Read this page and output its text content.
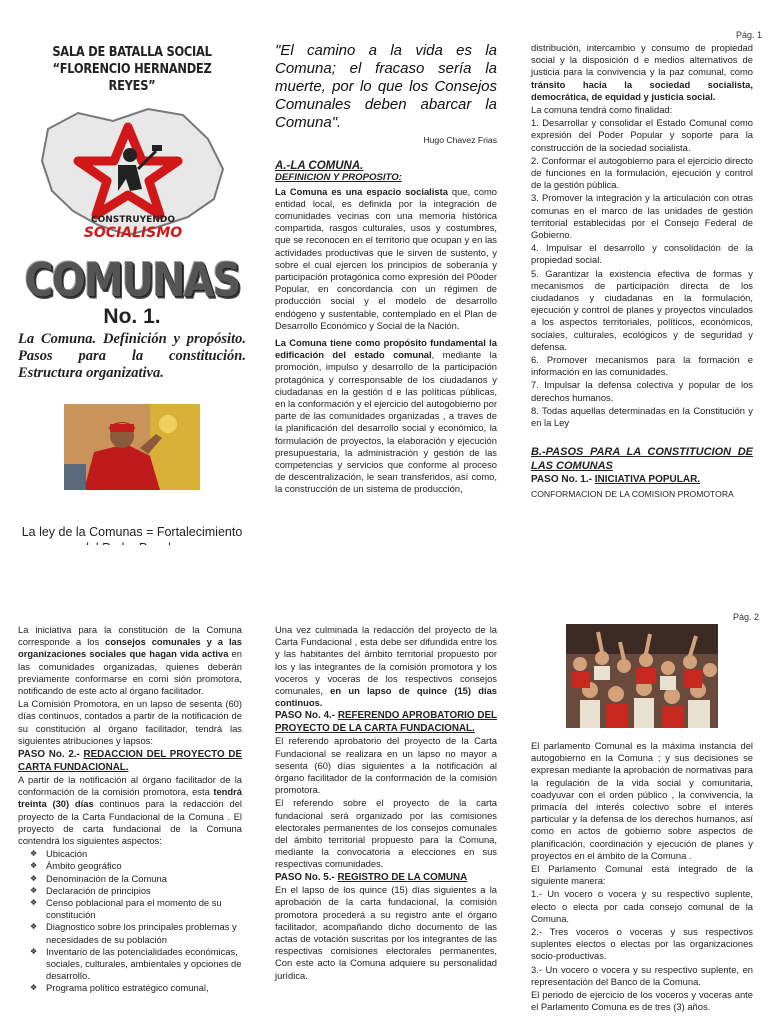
Pág. 1
SALA DE BATALLA SOCIAL
“FLORENCIO HERNANDEZ REYES”
CONSTRUYENDO
SOCIALISMO
COMUNAS
No. 1.
La Comuna. Definición y propósito. Pasos para la constitución. Estructura organizativa.
La ley de la Comunas = Fortalecimiento
"El camino a la vida es la Comuna; el fracaso sería la muerte, por lo que los Consejos Comunales deben abarcar la Comuna".
Hugo Chavez Frias
A.-LA COMUNA.
DEFINICION Y PROPOSITO:

La Comuna es una espacio socialista que, como entidad local, es definida por la integración de comunidades vecinas con una memoria histórica compartida, rasgos culturales, usos y costumbres, que se reconocen en el territorio que ocupan y en las actividades productivas que le sirven de sustento, y sobre el cual ejercen los principios de soberanía y participación protagónica como expresión del P0oder Popular, en concordancia con un régimen de producción social y el modelo de desarrollo endógeno y sustentable, contemplado en el Plan de Desarrollo Económico y Social de la Nación.

La Comuna tiene como propósito fundamental la edificación del estado comunal, mediante la promoción, impulso y desarrollo de la participación protagónica y corresponsable de los ciudadanos y ciudadanas en la gestión d e las políticas públicas, en la conformación y el ejercicio del autogobierno por parte de las comunidades organizadas , a traves de la planificación del desarrollo social y económico, la formulación de proyectos, la elaboración y ejecución presupuestaria, la administración y gestión de las competencias y servicios que conforme al proceso de descentralización, le sean transferidos, así como, la construcción de un sistema de producción,

distribución, intercambio y consumo de propiedad social y la disposición d e medios alternativos de justicia para la convivencia y la paz comunal, como tránsito hacia la sociedad socialista, democrática, de equidad y justicia social.

La comuna tendrá como finalidad:

1. Desarrollar y consolidar el Estado Comunal como expresión del Poder Popular y soporte para la construcción de la sociedad socialista.

2. Conformar el autogobierno para el ejercicio directo de funciones en la formulación, ejecución y control de la gestión pública.

3. Promover la integración y la articulación con otras comunas en el marco de las unidades de gestión territorial establecidas por el Consejo Federal de Gobierno.

4. Impulsar el desarrollo y consolidación de la propiedad social.

5. Garantizar la existencia efectiva de formas y mecanismos de participación directa de los ciudadanos y ciudadanas en la formulación, ejecución y control de planes y proyectos vinculados a los aspectos territoriales, políticos, económicos, sociales, culturales, ecológicos y de seguridad y defensa.

6. Promover mecanismos para la formación e información en las comunidades.

7. Impulsar la defensa colectiva y popular de los derechos humanos.

8. Todas aquellas determinadas en la Constitución y en la Ley

B.-PASOS PARA LA CONSTITUCION DE LAS COMUNAS
PASO No. 1.- INICIATIVA POPULAR.
CONFORMACION DE LA COMISION PROMOTORA
Pág. 2

La iniciativa para la constitución de la Comuna corresponde a los consejos comunales y a las organizaciones sociales que hagan vida activa en las comunidades organizadas, quienes deberán previamente conformarse en comi sión promotora, notificando de este acto al órgano facilitador.

La Comisión Promotora, en un lapso de sesenta (60) días continuos, contados a partir de la notificación de su constitución al órgano facilitador, tendrá las siguientes atribuciones y lapsos:

PASO No. 2.- REDACCION DEL PROYECTO DE CARTA FUNDACIONAL.

A partir de la notificación al órgano facilitador de la conformación de la comisión promotora, esta tendrá treinta (30) días continuos para la redacción del proyecto de la Carta Fundacional de la Comuna . El proyecto de carta fundacional de la Comuna contendrá los siguientes aspectos:

❖ Ubicación
❖ Ámbito geográfico
❖ Denominación de la Comuna
❖ Declaración de principios
❖ Censo poblacional para el momento de su constitución
❖ Diagnostico sobre los principales problemas y necesidades de su población
❖ Inventario de las potencialidades económicas, sociales, culturales, ambientales y opciones de desarrollo.
❖ Programa político estratégico comunal,

Una vez culminada la redacción del proyecto de la Carta Fundacional , esta debe ser difundida entre los y las habitantes del ámbito territorial propuesto por los y las integrantes de la comisión promotora y los voceros y voceras de los respectivos consejos comunales, en un lapso de quince (15) días continuos.

PASO No. 4.- REFERENDO APROBATORIO DEL PROYECTO DE LA CARTA FUNDACIONAL.

El referendo aprobatorio del proyecto de la Carta Fundacional se realizara en un lapso no mayor a sesenta (60) días siguientes a la notificación al órgano facilitador de la conformación de la comisión promotora.

El referendo sobre el proyecto de la carta fundacional será organizado por las comisiones electorales permanentes de los consejos comunales del ámbito territorial propuesto para la Comuna, mediante la convocatoria a elecciones en sus respectivas comunidades.

PASO No. 5.- REGISTRO DE LA COMUNA

En el lapso de los quince (15) días siguientes a la aprobación de la carta fundacional, la comisión promotora procederá a su registro ante el órgano facilitador, acompañando dicho documento de las actas de votación suscritas por los integrantes de las respectivas comisiones electorales permanentes, Con este acto la Comuna adquiere su personalidad jurídica.

El parlamento Comunal es la máxima instancia del autogobierno en la Comuna ; y sus decisiones se expresan mediante la aprobación de normativas para la regulación de la vida social y comunitaria, coadyuvar con el orden público , la convivencia, la primacía del interés colectivo sobre el interés particular y la defensa de los derechos humanos, así como en actos de gobierno sobre aspectos de planificación, coordinación y ejecución de planes y proyectos en el ámbito de la Comuna .

El Parlamento Comunal está integrado de la siguiente manera:

1.- Un vocero o vocera y su respectivo suplente, electo o electa por cada consejo comunal de la Comuna.

2.- Tres voceros o voceras y sus respectivos suplentes electos o electas por las organizaciones socio-productivas.

3.- Un vocero o vocera y su respectivo suplente, en representación del Banco de la Comuna.

El periodo de ejercicio de los voceros y voceras ante el Parlamento Comuna es de tres (3) años.
